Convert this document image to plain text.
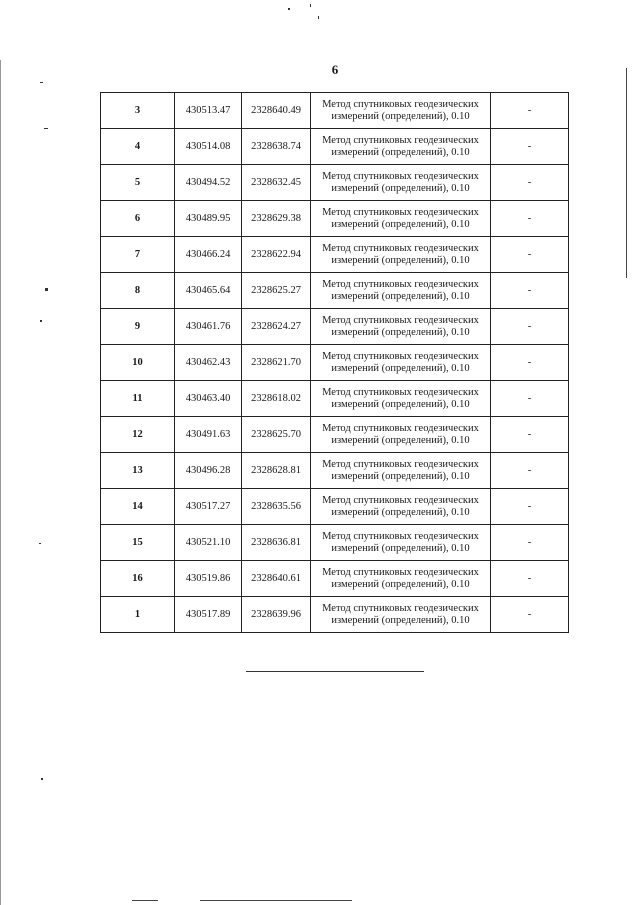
6
3	430513.47	2328640.49	Метод спутниковых геодезических измерений (определений), 0.10	-
4	430514.08	2328638.74	Метод спутниковых геодезических измерений (определений), 0.10	-
5	430494.52	2328632.45	Метод спутниковых геодезических измерений (определений), 0.10	-
6	430489.95	2328629.38	Метод спутниковых геодезических измерений (определений), 0.10	-
7	430466.24	2328622.94	Метод спутниковых геодезических измерений (определений), 0.10	-
8	430465.64	2328625.27	Метод спутниковых геодезических измерений (определений), 0.10	-
9	430461.76	2328624.27	Метод спутниковых геодезических измерений (определений), 0.10	-
10	430462.43	2328621.70	Метод спутниковых геодезических измерений (определений), 0.10	-
11	430463.40	2328618.02	Метод спутниковых геодезических измерений (определений), 0.10	-
12	430491.63	2328625.70	Метод спутниковых геодезических измерений (определений), 0.10	-
13	430496.28	2328628.81	Метод спутниковых геодезических измерений (определений), 0.10	-
14	430517.27	2328635.56	Метод спутниковых геодезических измерений (определений), 0.10	-
15	430521.10	2328636.81	Метод спутниковых геодезических измерений (определений), 0.10	-
16	430519.86	2328640.61	Метод спутниковых геодезических измерений (определений), 0.10	-
1	430517.89	2328639.96	Метод спутниковых геодезических измерений (определений), 0.10	-
